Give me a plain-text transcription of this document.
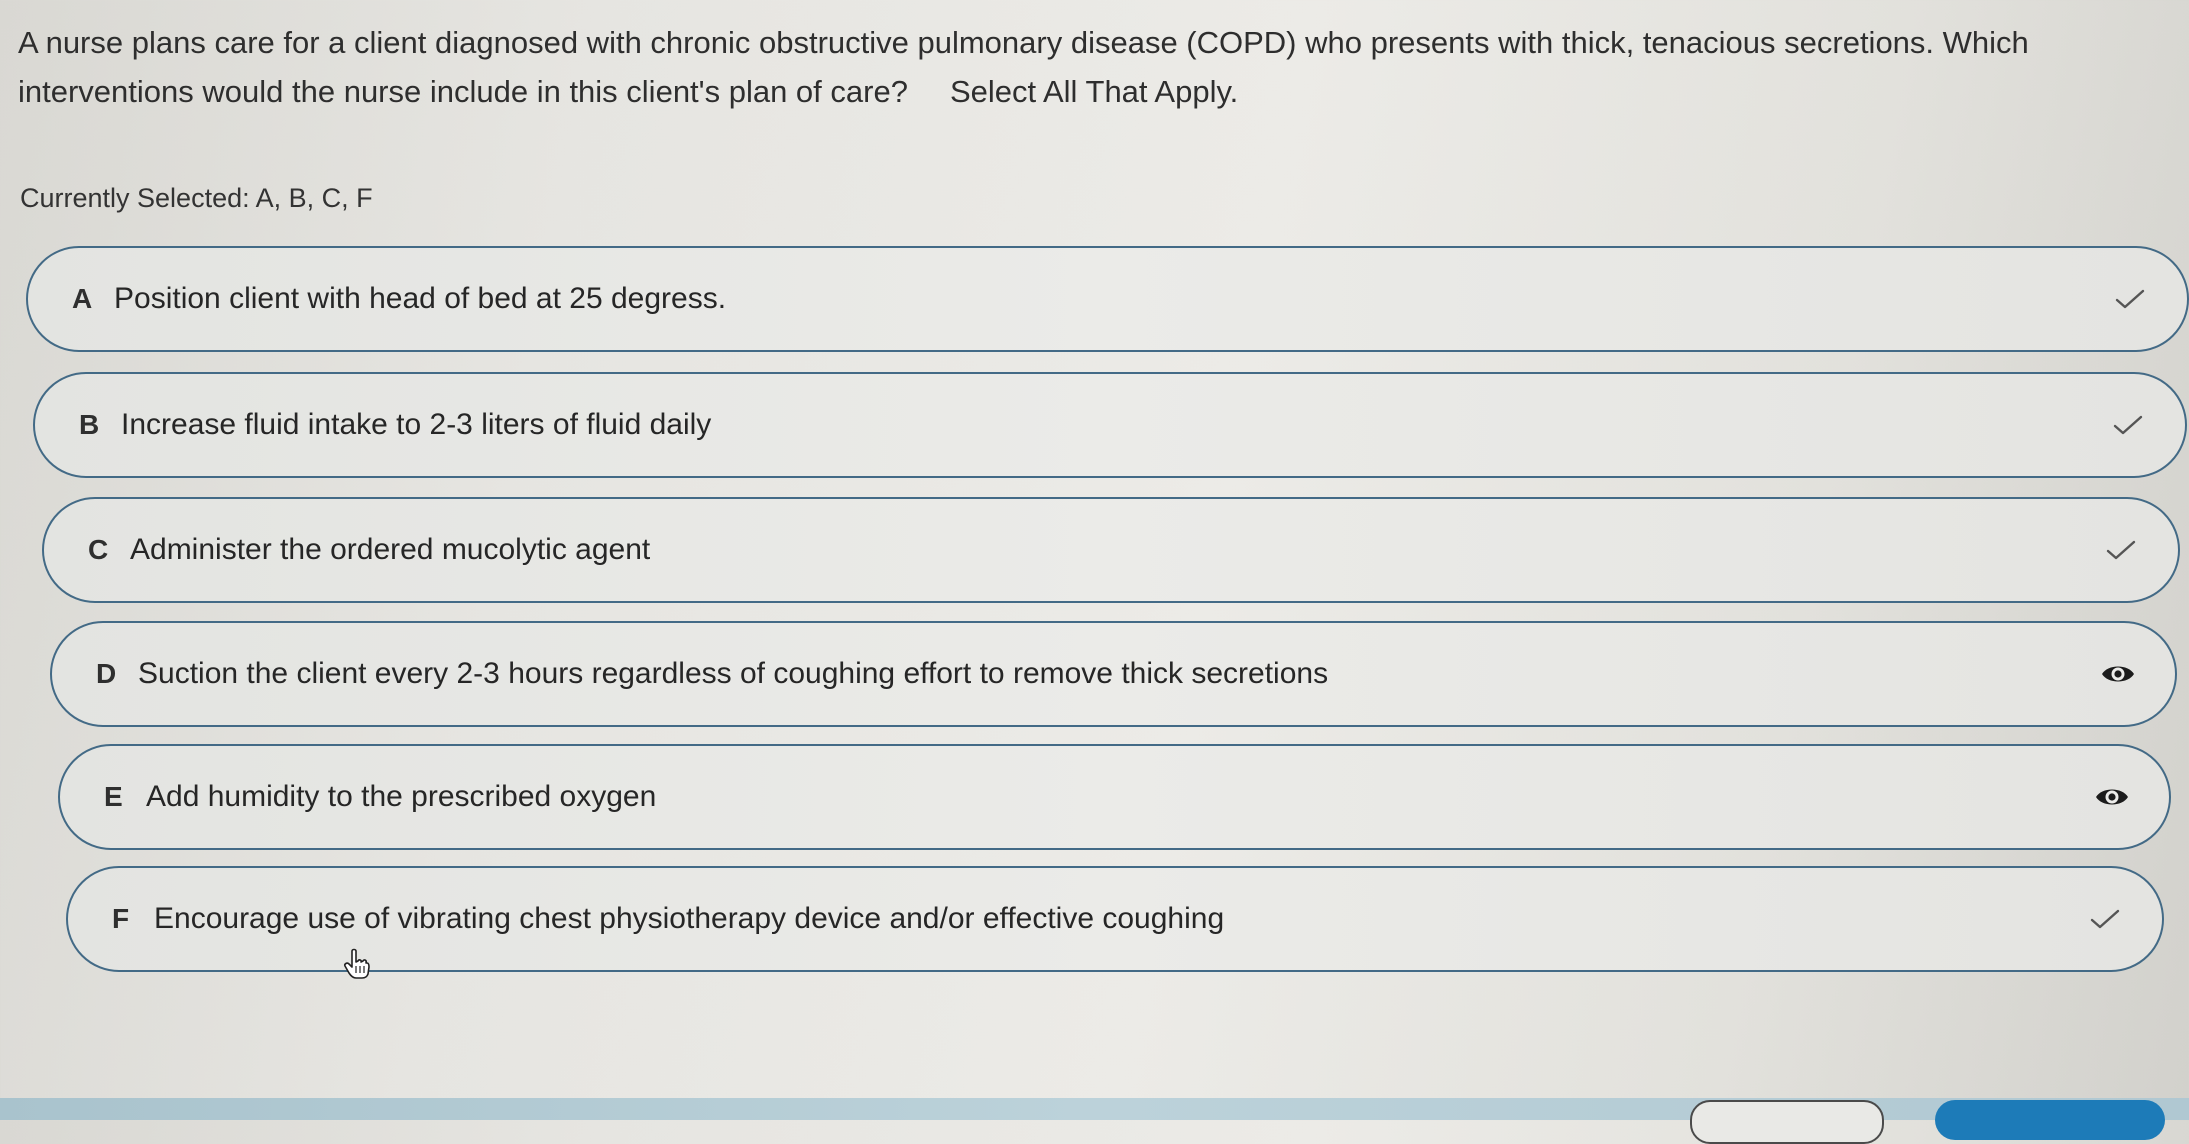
A nurse plans care for a client diagnosed with chronic obstructive pulmonary disease (COPD) who presents with thick, tenacious secretions. Which interventions would the nurse include in this client's plan of care? Select All That Apply.

Currently Selected: A, B, C, F
A Position client with head of bed at 25 degress.
B Increase fluid intake to 2-3 liters of fluid daily
C Administer the ordered mucolytic agent
D Suction the client every 2-3 hours regardless of coughing effort to remove thick secretions
E Add humidity to the prescribed oxygen
F Encourage use of vibrating chest physiotherapy device and/or effective coughing
